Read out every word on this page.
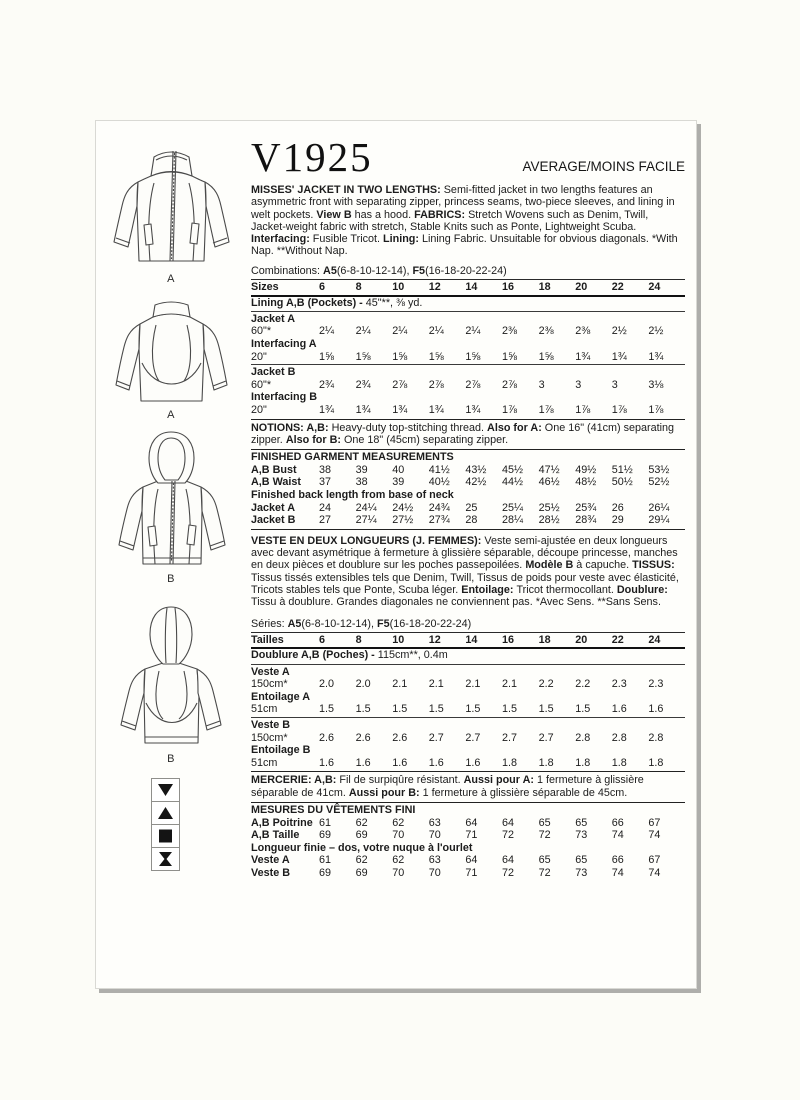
A
A
B
B
V1925	AVERAGE/MOINS FACILE

MISSES' JACKET IN TWO LENGTHS: Semi-fitted jacket in two lengths features an asymmetric front with separating zipper, princess seams, two-piece sleeves, and lining in welt pockets. View B has a hood. FABRICS: Stretch Wovens such as Denim, Twill, Jacket-weight fabric with stretch, Stable Knits such as Ponte, Lightweight Scuba. Interfacing: Fusible Tricot. Lining: Lining Fabric. Unsuitable for obvious diagonals. *With Nap. **Without Nap.

Combinations: A5(6-8-10-12-14), F5(16-18-20-22-24)

Sizes	6	8	10	12	14	16	18	20	22	24
Lining A,B (Pockets) - 45"**, ⅜ yd.
Jacket A
60"*	2¼	2¼	2¼	2¼	2¼	2⅜	2⅜	2⅜	2½	2½
Interfacing A
20"	1⅝	1⅝	1⅝	1⅝	1⅝	1⅝	1⅝	1¾	1¾	1¾
Jacket B
60"*	2¾	2¾	2⅞	2⅞	2⅞	2⅞	3	3	3	3⅛
Interfacing B
20"	1¾	1¾	1¾	1¾	1¾	1⅞	1⅞	1⅞	1⅞	1⅞

NOTIONS: A,B: Heavy-duty top-stitching thread. Also for A: One 16" (41cm) separating zipper. Also for B: One 18" (45cm) separating zipper.

FINISHED GARMENT MEASUREMENTS
A,B Bust	38	39	40	41½	43½	45½	47½	49½	51½	53½
A,B Waist	37	38	39	40½	42½	44½	46½	48½	50½	52½
Finished back length from base of neck
Jacket A	24	24¼	24½	24¾	25	25¼	25½	25¾	26	26¼
Jacket B	27	27¼	27½	27¾	28	28¼	28½	28¾	29	29¼

VESTE EN DEUX LONGUEURS (J. FEMMES): Veste semi-ajustée en deux longueurs avec devant asymétrique à fermeture à glissière séparable, découpe princesse, manches en deux pièces et doublure sur les poches passepoilées. Modèle B à capuche. TISSUS: Tissus tissés extensibles tels que Denim, Twill, Tissus de poids pour veste avec élasticité, Tricots stables tels que Ponte, Scuba léger. Entoilage: Tricot thermocollant. Doublure: Tissu à doublure. Grandes diagonales ne conviennent pas. *Avec Sens. **Sans Sens.

Séries: A5(6-8-10-12-14), F5(16-18-20-22-24)

Tailles	6	8	10	12	14	16	18	20	22	24
Doublure A,B (Poches) - 115cm**, 0.4m
Veste A
150cm*	2.0	2.0	2.1	2.1	2.1	2.1	2.2	2.2	2.3	2.3
Entoilage A
51cm	1.5	1.5	1.5	1.5	1.5	1.5	1.5	1.5	1.6	1.6
Veste B
150cm*	2.6	2.6	2.6	2.7	2.7	2.7	2.7	2.8	2.8	2.8
Entoilage B
51cm	1.6	1.6	1.6	1.6	1.6	1.8	1.8	1.8	1.8	1.8

MERCERIE: A,B: Fil de surpiqûre résistant. Aussi pour A: 1 fermeture à glissière séparable de 41cm. Aussi pour B: 1 fermeture à glissière séparable de 45cm.

MESURES DU VÊTEMENTS FINI
A,B Poitrine 61	62	62	63	64	64	65	65	66	67
A,B Taille	69	69	70	70	71	72	72	73	74	74
Longueur finie – dos, votre nuque à l'ourlet
Veste A	61	62	62	63	64	64	65	65	66	67
Veste B	69	69	70	70	71	72	72	73	74	74
